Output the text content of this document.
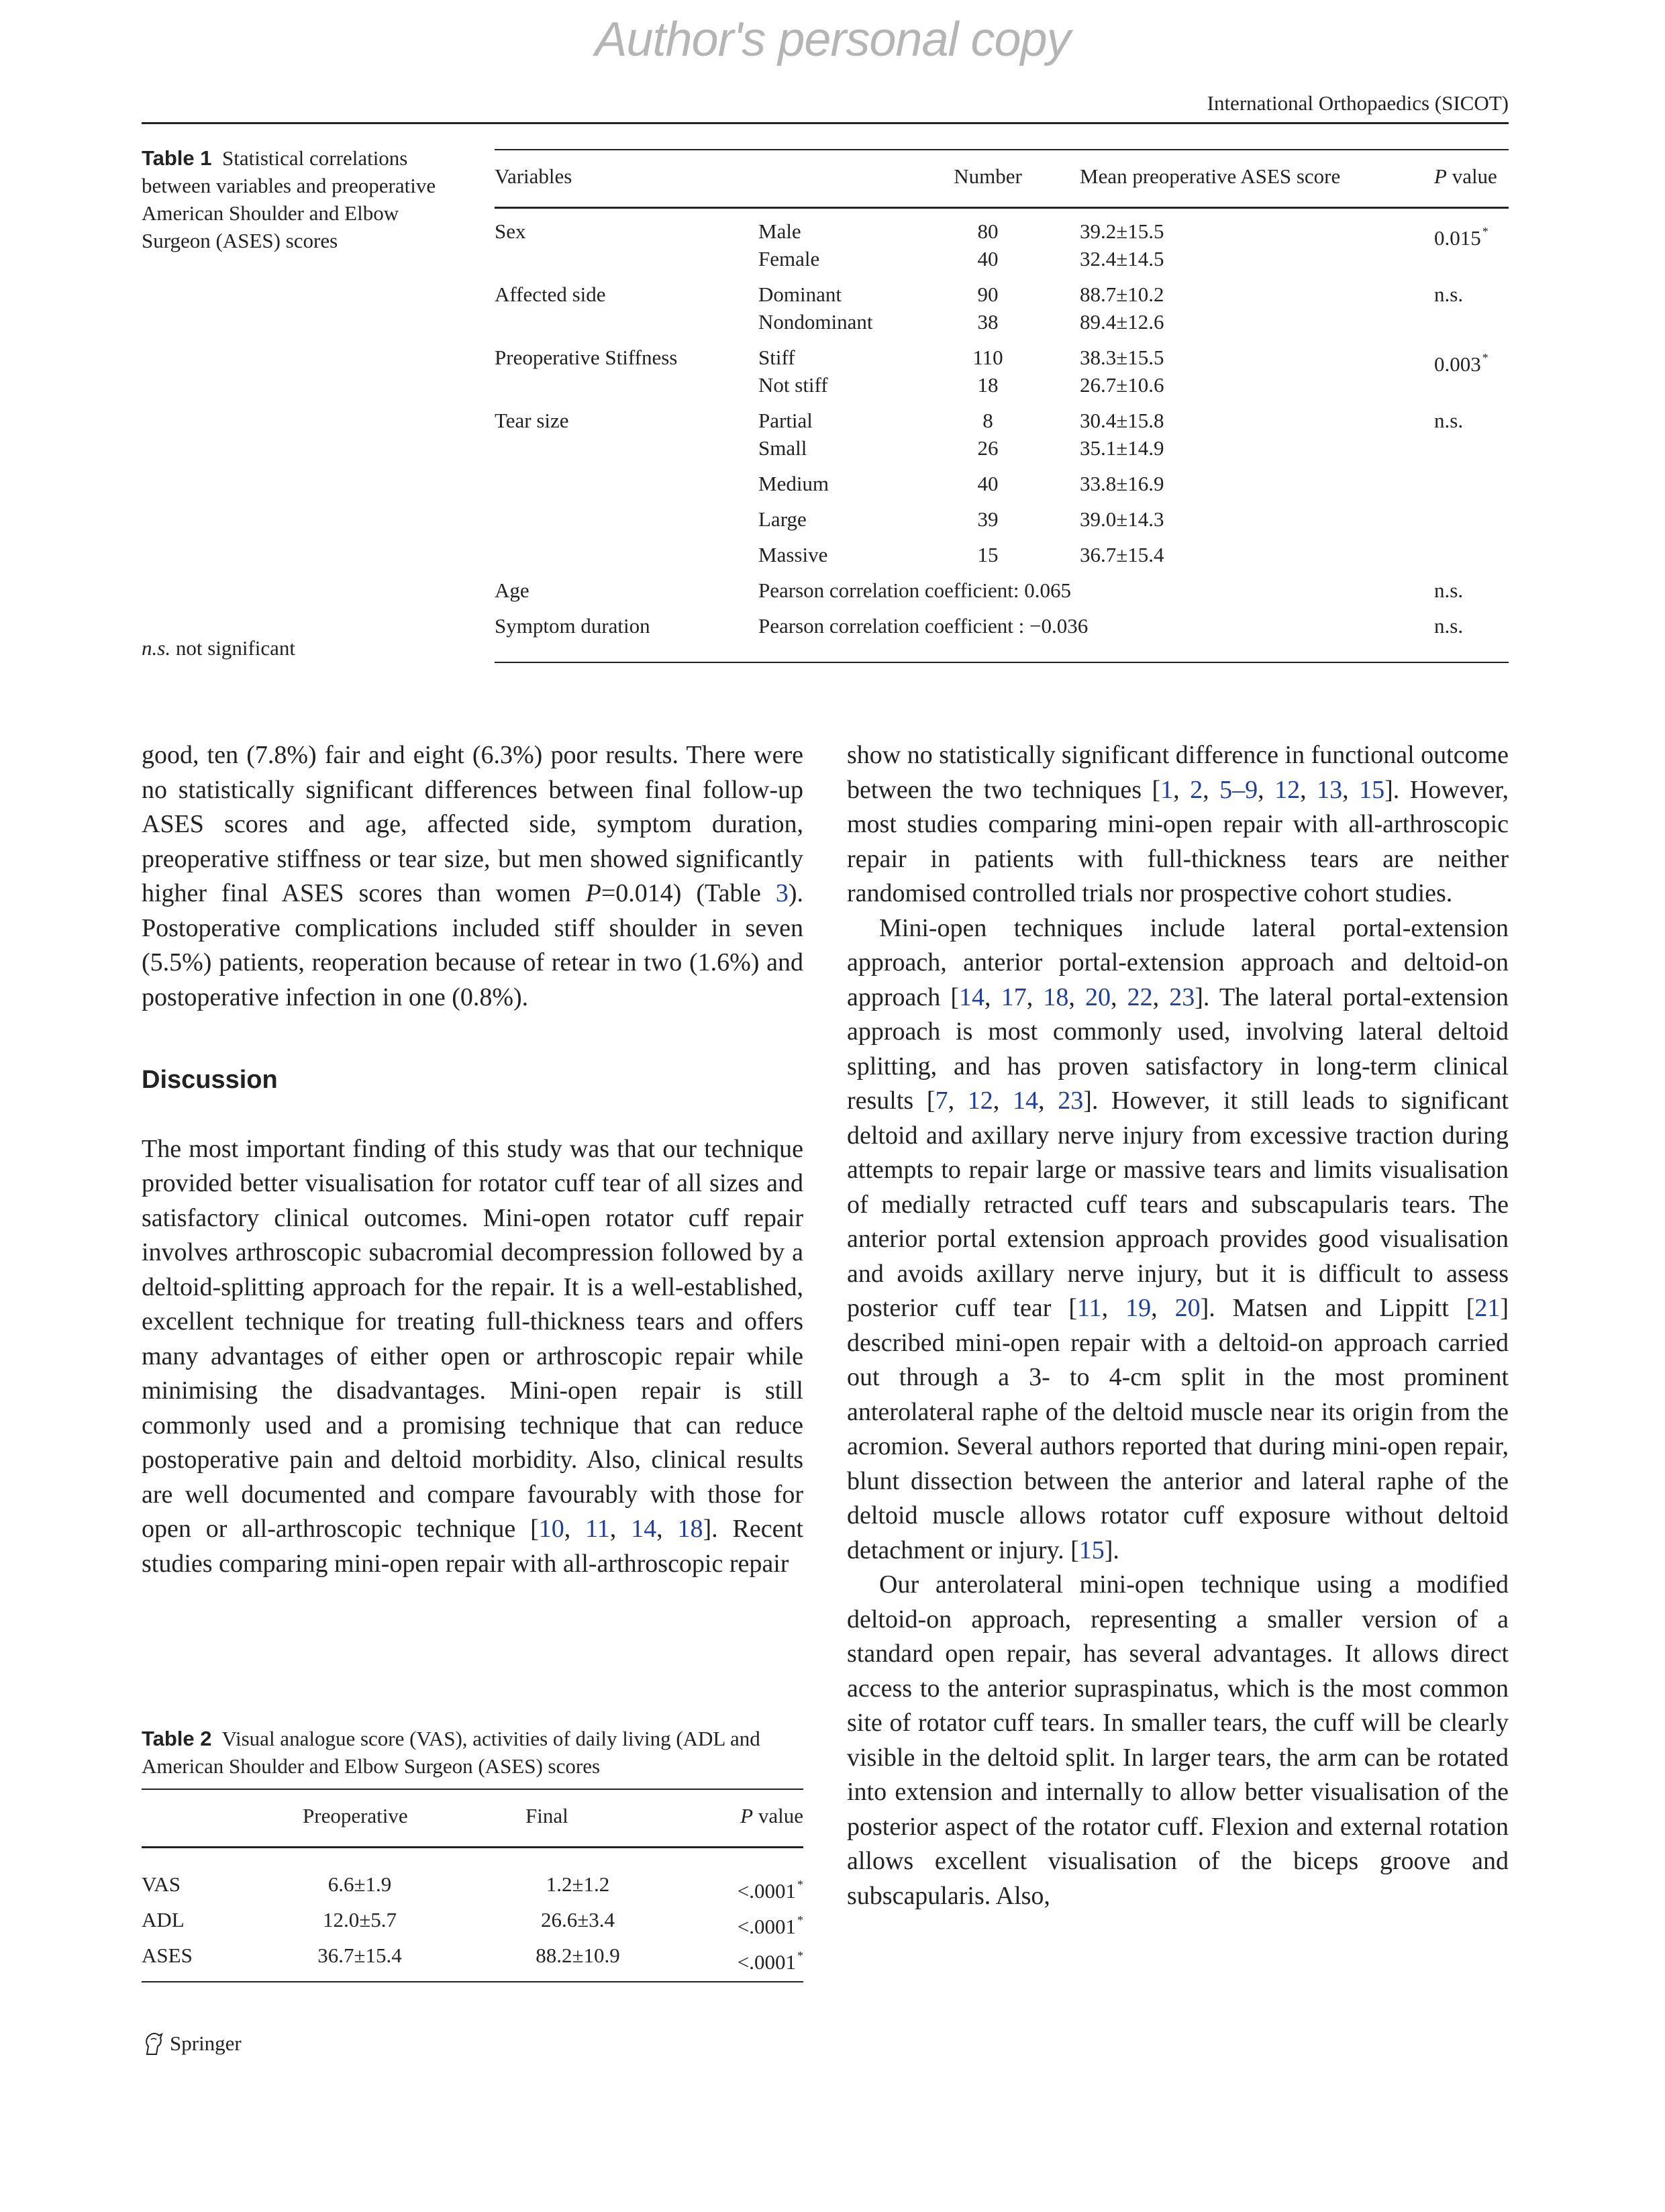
Author's personal copy
International Orthopaedics (SICOT)
Table 1 Statistical correlations between variables and preoperative American Shoulder and Elbow Surgeon (ASES) scores
n.s. not significant
Variables	Number	Mean preoperative ASES score	P value
Sex	Male	80	39.2±15.5	0.015 *
Female	40	32.4±14.5
Affected side	Dominant	90	88.7±10.2	n.s.
Nondominant	38	89.4±12.6
Preoperative Stiffness	Stiff	110	38.3±15.5	0.003 *
Not stiff	18	26.7±10.6
Tear size	Partial	8	30.4±15.8	n.s.
Small	26	35.1±14.9
Medium	40	33.8±16.9
Large	39	39.0±14.3
Massive	15	36.7±15.4
Age	Pearson correlation coefficient: 0.065	n.s.
Symptom duration	Pearson correlation coefficient : −0.036	n.s.

good, ten (7.8%) fair and eight (6.3%) poor results. There were no statistically significant differences between final follow-up ASES scores and age, affected side, symptom duration, preoperative stiffness or tear size, but men showed significantly higher final ASES scores than women P=0.014) (Table 3). Postoperative complications included stiff shoulder in seven (5.5%) patients, reoperation because of retear in two (1.6%) and postoperative infection in one (0.8%).

Discussion

The most important finding of this study was that our technique provided better visualisation for rotator cuff tear of all sizes and satisfactory clinical outcomes. Mini-open rotator cuff repair involves arthroscopic subacromial decompression followed by a deltoid-splitting approach for the repair. It is a well-established, excellent technique for treating full-thickness tears and offers many advantages of either open or arthroscopic repair while minimising the disadvantages. Mini-open repair is still commonly used and a promising technique that can reduce postoperative pain and deltoid morbidity. Also, clinical results are well documented and compare favourably with those for open or all-arthroscopic technique [10, 11, 14, 18]. Recent studies comparing mini-open repair with all-arthroscopic repair

Table 2 Visual analogue score (VAS), activities of daily living (ADL and American Shoulder and Elbow Surgeon (ASES) scores
Preoperative	Final	P value
VAS	6.6±1.9	1.2±1.2	<.0001 *
ADL	12.0±5.7	26.6±3.4	<.0001 *
ASES	36.7±15.4	88.2±10.9	<.0001 *

show no statistically significant difference in functional outcome between the two techniques [1, 2, 5–9, 12, 13, 15]. However, most studies comparing mini-open repair with all-arthroscopic repair in patients with full-thickness tears are neither randomised controlled trials nor prospective cohort studies.

Mini-open techniques include lateral portal-extension approach, anterior portal-extension approach and deltoid-on approach [14, 17, 18, 20, 22, 23]. The lateral portal-extension approach is most commonly used, involving lateral deltoid splitting, and has proven satisfactory in long-term clinical results [7, 12, 14, 23]. However, it still leads to significant deltoid and axillary nerve injury from excessive traction during attempts to repair large or massive tears and limits visualisation of medially retracted cuff tears and subscapularis tears. The anterior portal extension approach provides good visualisation and avoids axillary nerve injury, but it is difficult to assess posterior cuff tear [11, 19, 20]. Matsen and Lippitt [21] described mini-open repair with a deltoid-on approach carried out through a 3- to 4-cm split in the most prominent anterolateral raphe of the deltoid muscle near its origin from the acromion. Several authors reported that during mini-open repair, blunt dissection between the anterior and lateral raphe of the deltoid muscle allows rotator cuff exposure without deltoid detachment or injury. [15].

Our anterolateral mini-open technique using a modified deltoid-on approach, representing a smaller version of a standard open repair, has several advantages. It allows direct access to the anterior supraspinatus, which is the most common site of rotator cuff tears. In smaller tears, the cuff will be clearly visible in the deltoid split. In larger tears, the arm can be rotated into extension and internally to allow better visualisation of the posterior aspect of the rotator cuff. Flexion and external rotation allows excellent visualisation of the biceps groove and subscapularis. Also,

Springer
